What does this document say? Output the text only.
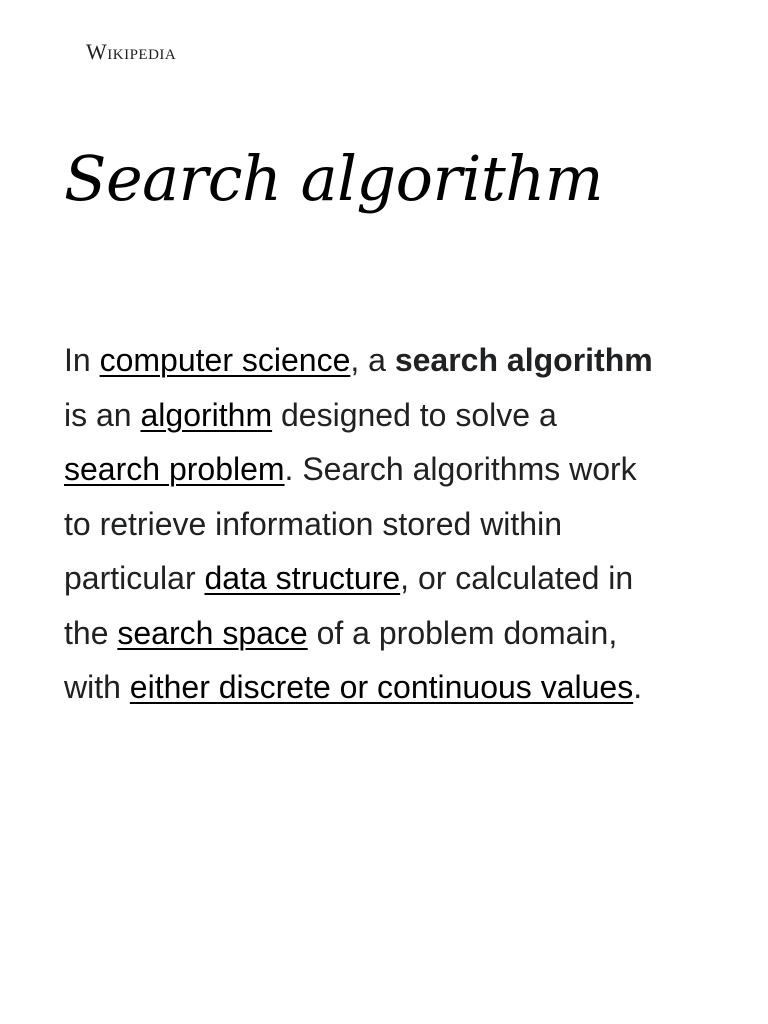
Wikipedia
Search algorithm

In computer science, a search algorithm
is an algorithm designed to solve a
search problem. Search algorithms work
to retrieve information stored within
particular data structure, or calculated in
the search space of a problem domain,
with either discrete or continuous values.
